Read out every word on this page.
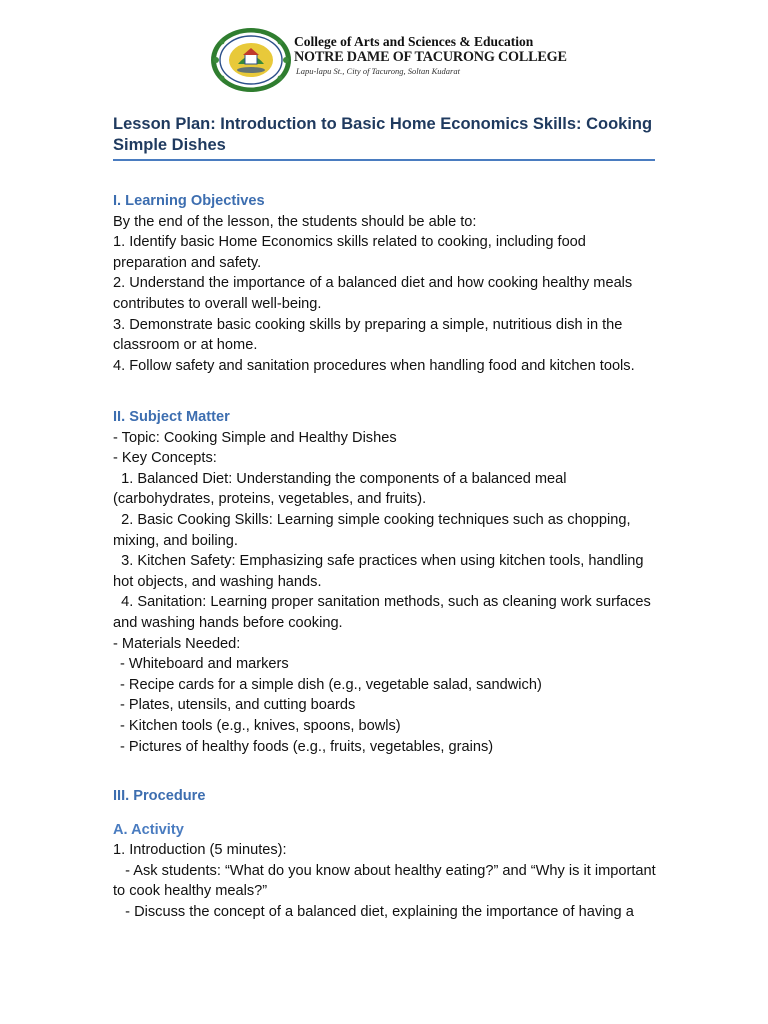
College of Arts and Sciences & Education
NOTRE DAME OF TACURONG COLLEGE
Lapu-lapu St., City of Tacurong, Soltan Kudarat
Lesson Plan: Introduction to Basic Home Economics Skills: Cooking Simple Dishes
I. Learning Objectives
By the end of the lesson, the students should be able to:
1. Identify basic Home Economics skills related to cooking, including food preparation and safety.
2. Understand the importance of a balanced diet and how cooking healthy meals contributes to overall well-being.
3. Demonstrate basic cooking skills by preparing a simple, nutritious dish in the classroom or at home.
4. Follow safety and sanitation procedures when handling food and kitchen tools.
II. Subject Matter
- Topic: Cooking Simple and Healthy Dishes
- Key Concepts:
1. Balanced Diet: Understanding the components of a balanced meal (carbohydrates, proteins, vegetables, and fruits).
2. Basic Cooking Skills: Learning simple cooking techniques such as chopping, mixing, and boiling.
3. Kitchen Safety: Emphasizing safe practices when using kitchen tools, handling hot objects, and washing hands.
4. Sanitation: Learning proper sanitation methods, such as cleaning work surfaces and washing hands before cooking.
- Materials Needed:
- Whiteboard and markers
- Recipe cards for a simple dish (e.g., vegetable salad, sandwich)
- Plates, utensils, and cutting boards
- Kitchen tools (e.g., knives, spoons, bowls)
- Pictures of healthy foods (e.g., fruits, vegetables, grains)
III. Procedure
A. Activity
1. Introduction (5 minutes):
- Ask students: “What do you know about healthy eating?” and “Why is it important to cook healthy meals?”
- Discuss the concept of a balanced diet, explaining the importance of having a
